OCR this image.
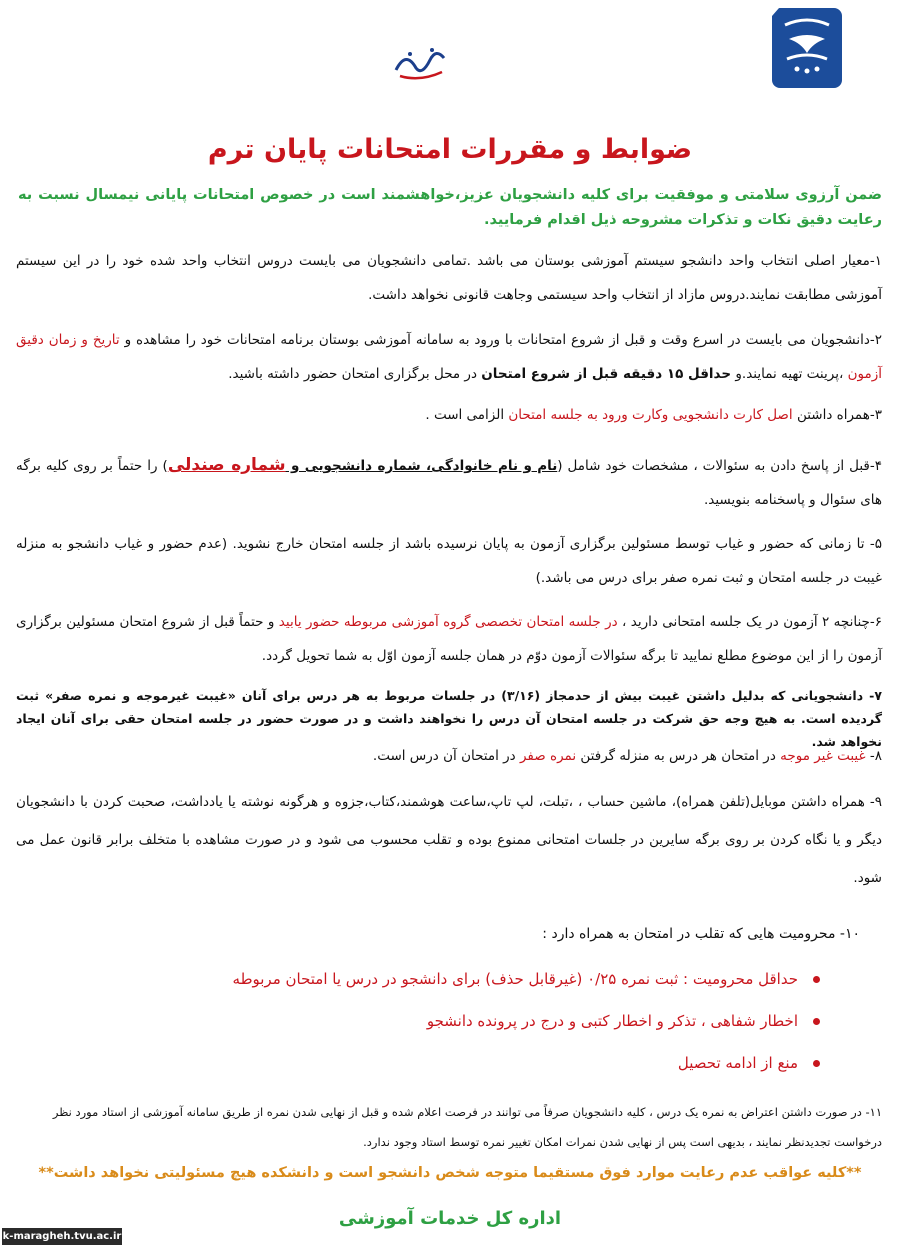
ضوابط و مقررات امتحانات پایان ترم
ضمن آرزوی سلامتی و موفقیت برای کلیه دانشجویان عزیز،خواهشمند است در خصوص امتحانات پایانی نیمسال نسبت به رعایت دقیق نکات و تذکرات مشروحه ذیل اقدام فرمایید.
۱-معیار اصلی انتخاب واحد دانشجو سیستم آموزشی بوستان می باشد .تمامی دانشجویان می بایست دروس انتخاب واحد شده خود را در این سیستم آموزشی مطابقت نمایند.دروس مازاد از انتخاب واحد سیستمی وجاهت قانونی نخواهد داشت.
۲-دانشجویان می بایست در اسرع وقت و قبل از شروع امتحانات با ورود به سامانه آموزشی بوستان برنامه امتحانات خود را مشاهده و تاریخ و زمان دقیق آزمون ،پرینت تهیه نمایند.و حداقل ۱۵ دقیقه قبل از شروع امتحان در محل برگزاری امتحان حضور داشته باشید.
۳-همراه داشتن اصل کارت دانشجویی وکارت ورود به جلسه امتحان الزامی است .
۴-قبل از پاسخ دادن به سئوالات ، مشخصات خود شامل (نام و نام خانوادگی، شماره دانشجویی و شماره صندلی) را حتماً بر روی کلیه برگه های سئوال و پاسخنامه بنویسید.
۵- تا زمانی که حضور و غیاب توسط مسئولین برگزاری آزمون به پایان نرسیده باشد از جلسه امتحان خارج نشوید. (عدم حضور و غیاب دانشجو به منزله غیبت در جلسه امتحان و ثبت نمره صفر برای درس می باشد.)
۶-چنانچه ۲ آزمون در یک جلسه امتحانی دارید ، در جلسه امتحان تخصصی گروه آموزشی مربوطه حضور یابید و حتماً قبل از شروع امتحان مسئولین برگزاری آزمون را از این موضوع مطلع نمایید تا برگه سئوالات آزمون دوّم در همان جلسه آزمون اوّل به شما تحویل گردد.
۷- دانشجویانی که بدلیل داشتن غیبت بیش از حدمجاز (۳/۱۶) در جلسات مربوط به هر درس برای آنان «غیبت غیرموجه و نمره صفر» ثبت گردیده است. به هیچ وجه حق شرکت در جلسه امتحان آن درس را نخواهند داشت و در صورت حضور در جلسه امتحان حقی برای آنان ایجاد نخواهد شد.
۸- غیبت غیر موجه در امتحان هر درس به منزله گرفتن نمره صفر در امتحان آن درس است.
۹- همراه داشتن موبایل(تلفن همراه)، ماشین حساب ، ،تبلت، لپ تاپ،ساعت هوشمند،کتاب،جزوه و هرگونه نوشته یا یادداشت، صحبت کردن با دانشجویان دیگر و یا نگاه کردن بر روی برگه سایرین در جلسات امتحانی ممنوع بوده و تقلب محسوب می شود و در صورت مشاهده با متخلف برابر قانون عمل می شود.
۱۰- محرومیت هایی که تقلب در امتحان به همراه دارد :
حداقل محرومیت : ثبت نمره ۰/۲۵ (غیرقابل حذف) برای دانشجو در درس یا امتحان مربوطه
اخطار شفاهی ، تذکر و اخطار کتبی و درج در پرونده دانشجو
منع از ادامه تحصیل
۱۱- در صورت داشتن اعتراض به نمره یک درس ، کلیه دانشجویان صرفاً می توانند در فرصت اعلام شده و قبل از نهایی شدن نمره از طریق سامانه آموزشی از استاد مورد نظر درخواست تجدیدنظر نمایند ، بدیهی است پس از نهایی شدن نمرات امکان تغییر نمره توسط استاد وجود ندارد.
**کلیه عواقب عدم رعایت موارد فوق مستقیما متوجه شخص دانشجو است و دانشکده هیچ مسئولیتی نخواهد داشت**
اداره کل خدمات آموزشی
k-maragheh.tvu.ac.ir
